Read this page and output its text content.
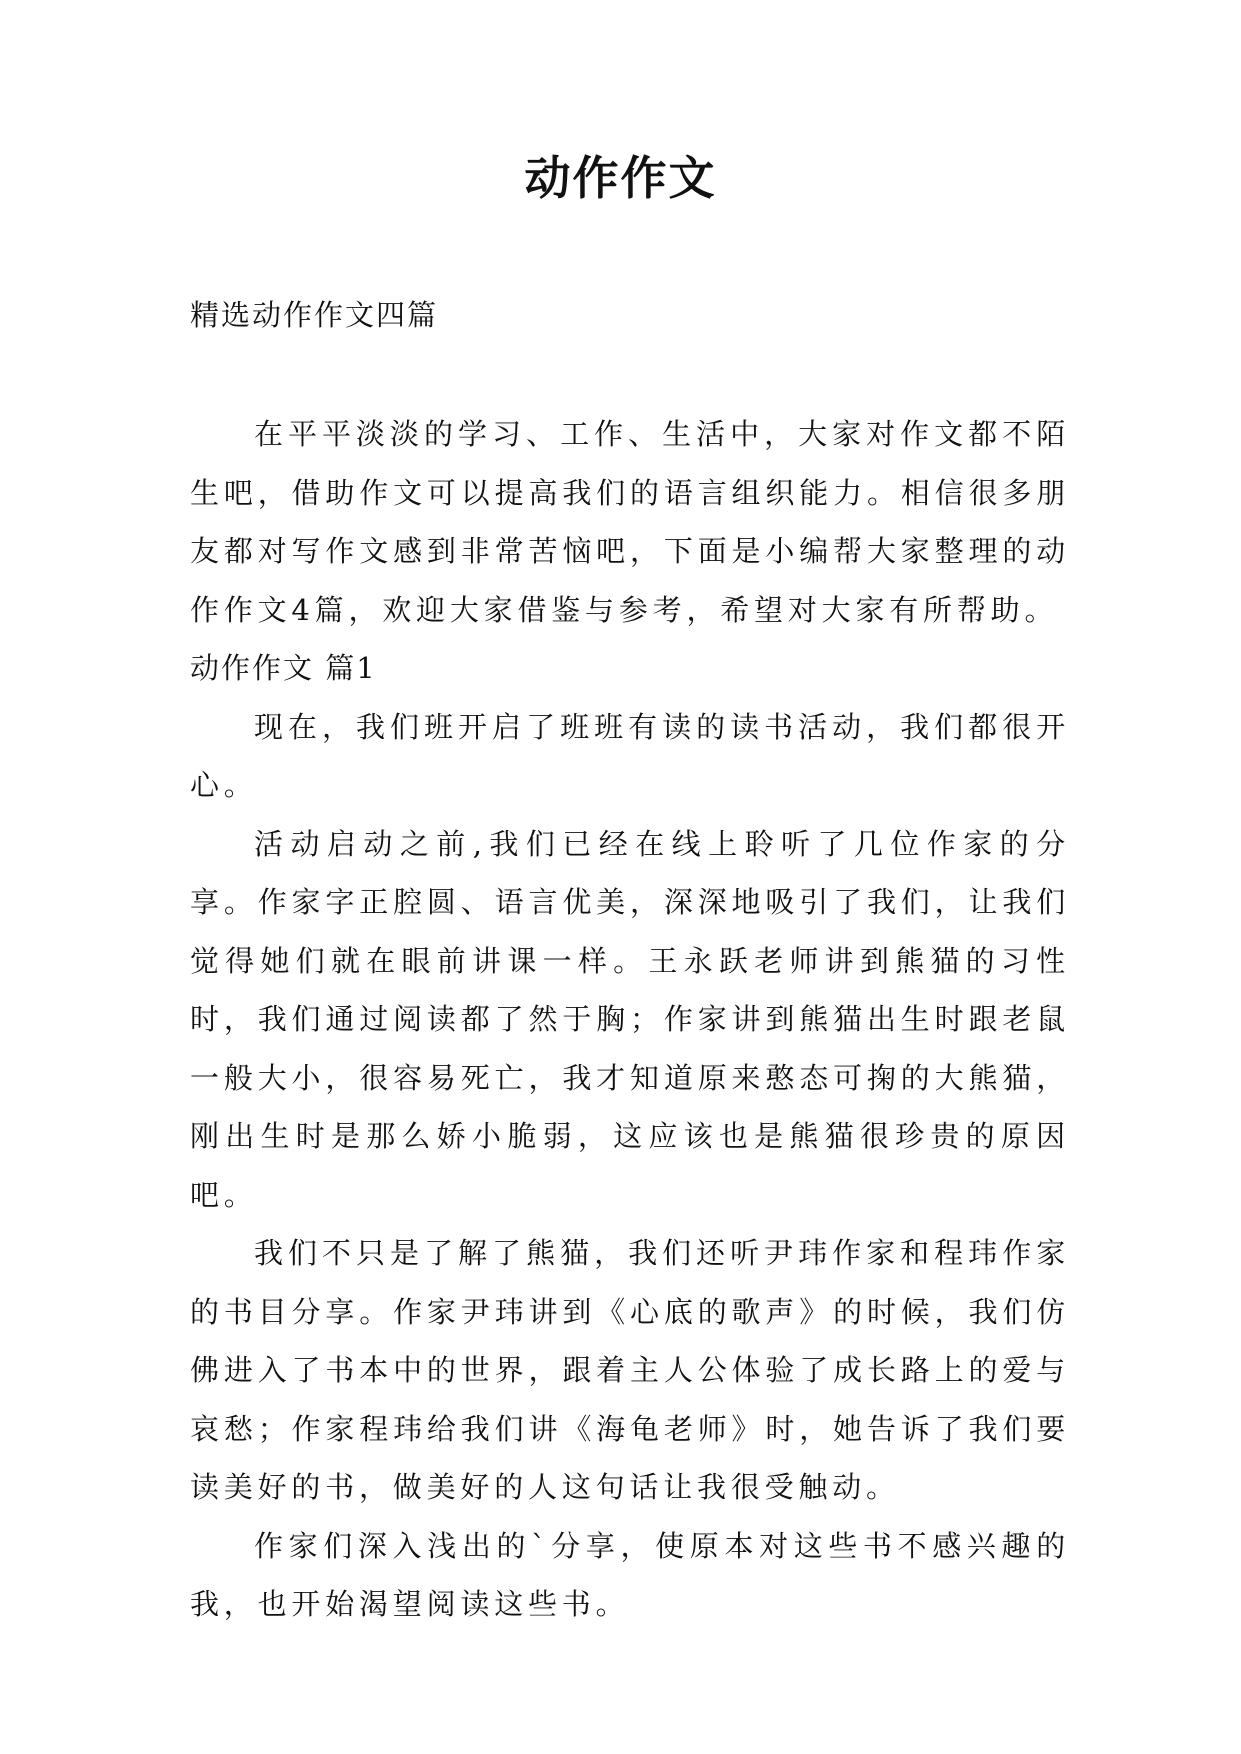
动作作文
精选动作作文四篇

在平平淡淡的学习、工作、生活中，大家对作文都不陌生吧，借助作文可以提高我们的语言组织能力。相信很多朋友都对写作文感到非常苦恼吧，下面是小编帮大家整理的动作作文4篇，欢迎大家借鉴与参考，希望对大家有所帮助。

动作作文 篇1

现在，我们班开启了班班有读的读书活动，我们都很开心。

活动启动之前,我们已经在线上聆听了几位作家的分享。作家字正腔圆、语言优美，深深地吸引了我们，让我们觉得她们就在眼前讲课一样。王永跃老师讲到熊猫的习性时，我们通过阅读都了然于胸；作家讲到熊猫出生时跟老鼠一般大小，很容易死亡，我才知道原来憨态可掬的大熊猫，刚出生时是那么娇小脆弱，这应该也是熊猫很珍贵的原因吧。

我们不只是了解了熊猫，我们还听尹玮作家和程玮作家的书目分享。作家尹玮讲到《心底的歌声》的时候，我们仿佛进入了书本中的世界，跟着主人公体验了成长路上的爱与哀愁；作家程玮给我们讲《海龟老师》时，她告诉了我们要读美好的书，做美好的人这句话让我很受触动。

作家们深入浅出的`分享，使原本对这些书不感兴趣的我，也开始渴望阅读这些书。
